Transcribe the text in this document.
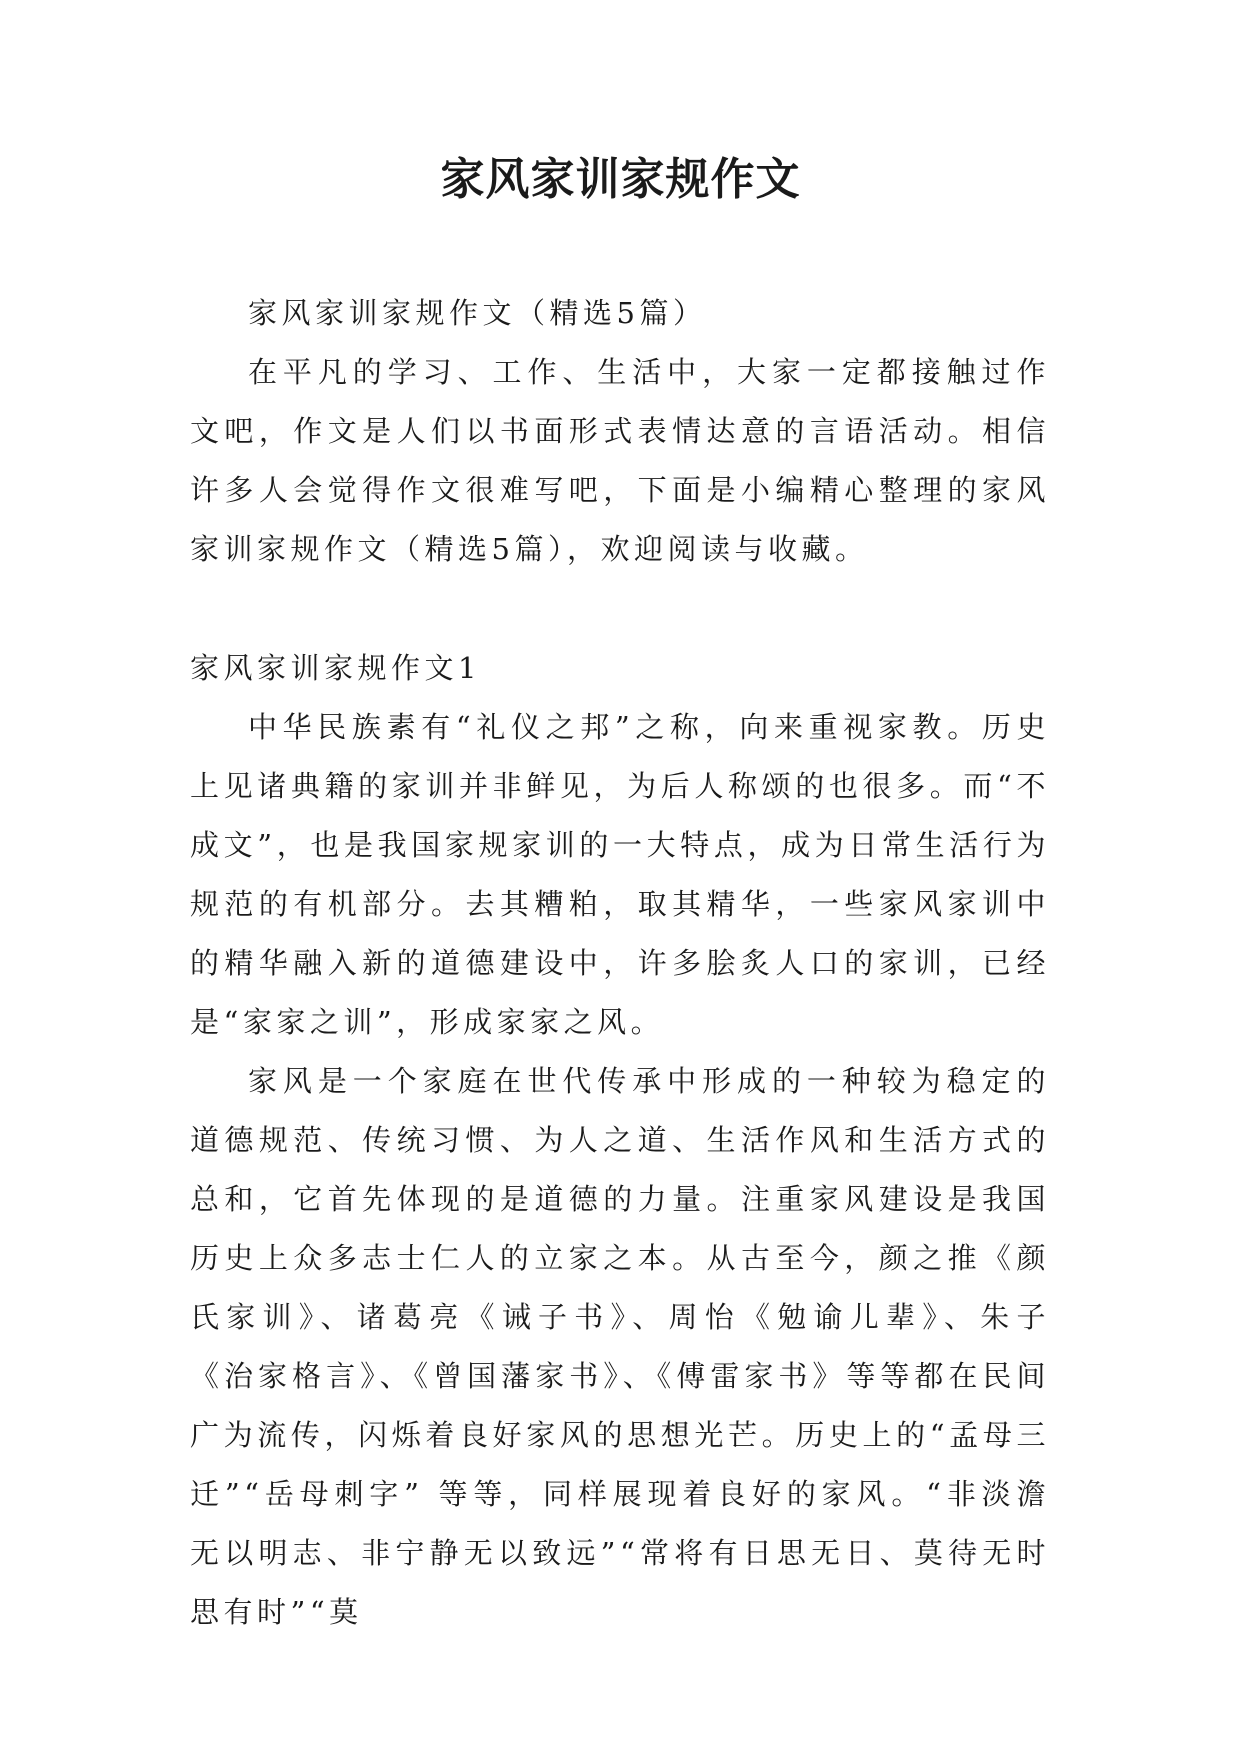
家风家训家规作文

家风家训家规作文（精选5篇）

在平凡的学习、工作、生活中，大家一定都接触过作文吧，作文是人们以书面形式表情达意的言语活动。相信许多人会觉得作文很难写吧，下面是小编精心整理的家风家训家规作文（精选5篇），欢迎阅读与收藏。

家风家训家规作文1

中华民族素有“礼仪之邦”之称，向来重视家教。历史上见诸典籍的家训并非鲜见，为后人称颂的也很多。而“不成文”，也是我国家规家训的一大特点，成为日常生活行为规范的有机部分。去其糟粕，取其精华，一些家风家训中的精华融入新的道德建设中，许多脍炙人口的家训，已经是“家家之训”，形成家家之风。

家风是一个家庭在世代传承中形成的一种较为稳定的道德规范、传统习惯、为人之道、生活作风和生活方式的总和，它首先体现的是道德的力量。注重家风建设是我国历史上众多志士仁人的立家之本。从古至今，颜之推《颜氏家训》、诸葛亮《诫子书》、周怡《勉谕儿辈》、朱子《治家格言》、《曾国藩家书》、《傅雷家书》等等都在民间广为流传，闪烁着良好家风的思想光芒。历史上的“孟母三迁”“岳母刺字” 等等，同样展现着良好的家风。“非淡澹无以明志、非宁静无以致远”“常将有日思无日、莫待无时思有时”“莫
